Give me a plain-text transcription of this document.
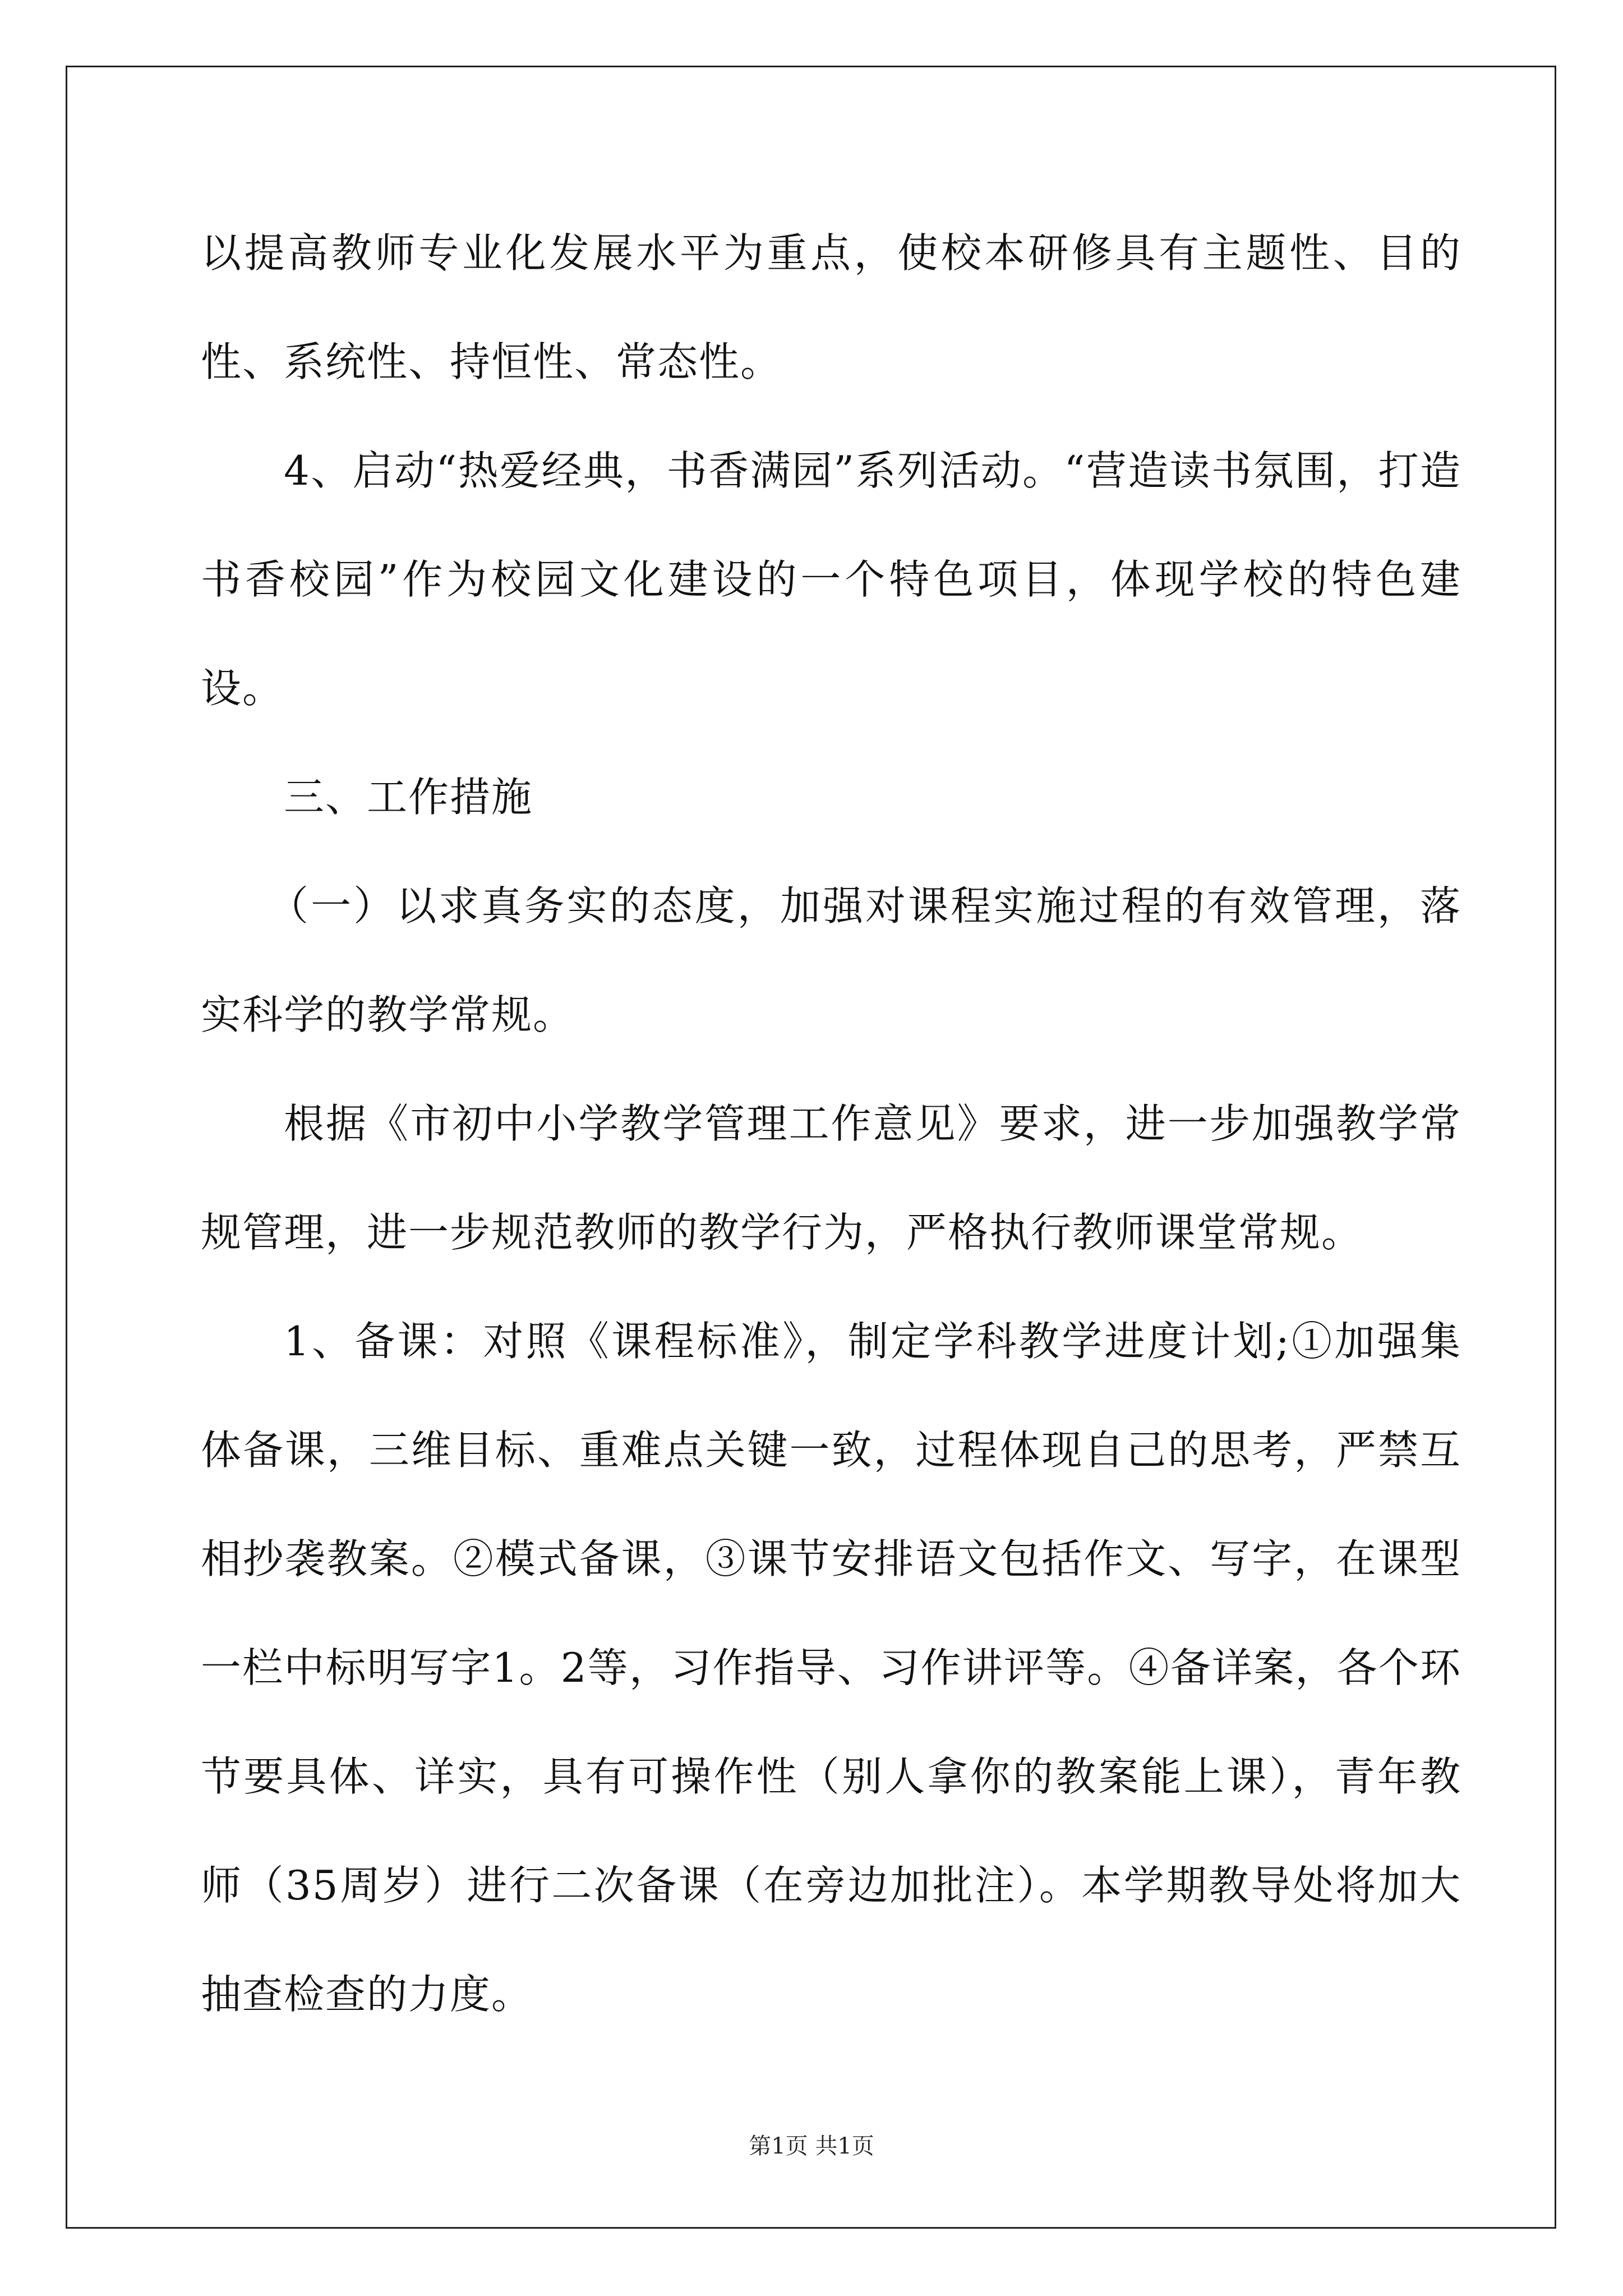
以提高教师专业化发展水平为重点，使校本研修具有主题性、目的性、系统性、持恒性、常态性。

4、启动“热爱经典，书香满园”系列活动。“营造读书氛围，打造书香校园”作为校园文化建设的一个特色项目，体现学校的特色建设。

三、工作措施

（一）以求真务实的态度，加强对课程实施过程的有效管理，落实科学的教学常规。

根据《市初中小学教学管理工作意见》要求，进一步加强教学常规管理，进一步规范教师的教学行为，严格执行教师课堂常规。

1、备课：对照《课程标准》，制定学科教学进度计划;①加强集体备课，三维目标、重难点关键一致，过程体现自己的思考，严禁互相抄袭教案。②模式备课，③课节安排语文包括作文、写字，在课型一栏中标明写字1。2等，习作指导、习作讲评等。④备详案，各个环节要具体、详实，具有可操作性（别人拿你的教案能上课），青年教师（35周岁）进行二次备课（在旁边加批注）。本学期教导处将加大抽查检查的力度。

第1页 共1页
